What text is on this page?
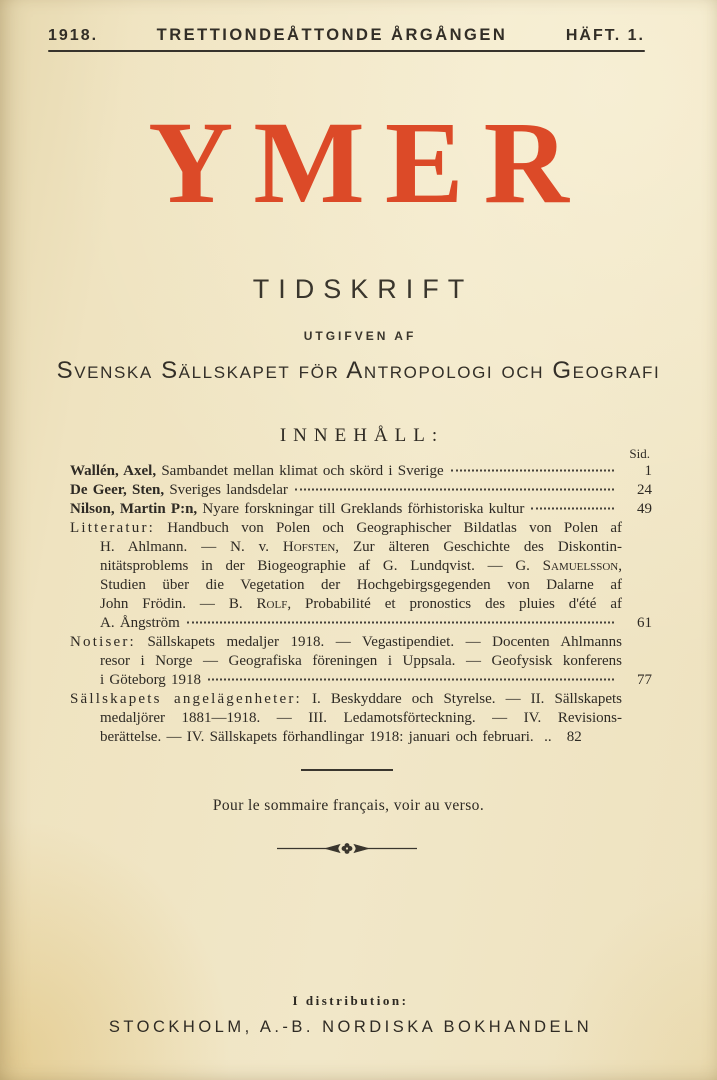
1918.	TRETTIONDEÅTTONDE ÅRGÅNGEN	HÄFT. 1.
YMER
TIDSKRIFT
UTGIFVEN AF
Svenska Sällskapet för Antropologi och Geografi
INNEHÅLL:
Sid.
Wallén, Axel, Sambandet mellan klimat och skörd i Sverige	1
De Geer, Sten, Sveriges landsdelar	24
Nilson, Martin P:n, Nyare forskningar till Greklands förhistoriska kultur	49
Litteratur: Handbuch von Polen och Geographischer Bildatlas von Polen af
H. Ahlmann. — N. v. Hofsten, Zur älteren Geschichte des Diskontin-
nitätsproblems in der Biogeographie af G. Lundqvist. — G. Samuelsson,
Studien über die Vegetation der Hochgebirgsgegenden von Dalarne af
John Frödin. — B. Rolf, Probabilité et pronostics des pluies d'été af
A. Ångström	61
Notiser: Sällskapets medaljer 1918. — Vegastipendiet. — Docenten Ahlmanns
resor i Norge — Geografiska föreningen i Uppsala. — Geofysisk konferens
i Göteborg 1918	77
Sällskapets angelägenheter: I. Beskyddare och Styrelse. — II. Sällskapets
medaljörer 1881—1918. — III. Ledamotsförteckning. — IV. Revisions-
berättelse. — IV. Sällskapets förhandlingar 1918: januari och februari.  ..	82
Pour le sommaire français, voir au verso.
I distribution:
STOCKHOLM, A.-B. NORDISKA BOKHANDELN
